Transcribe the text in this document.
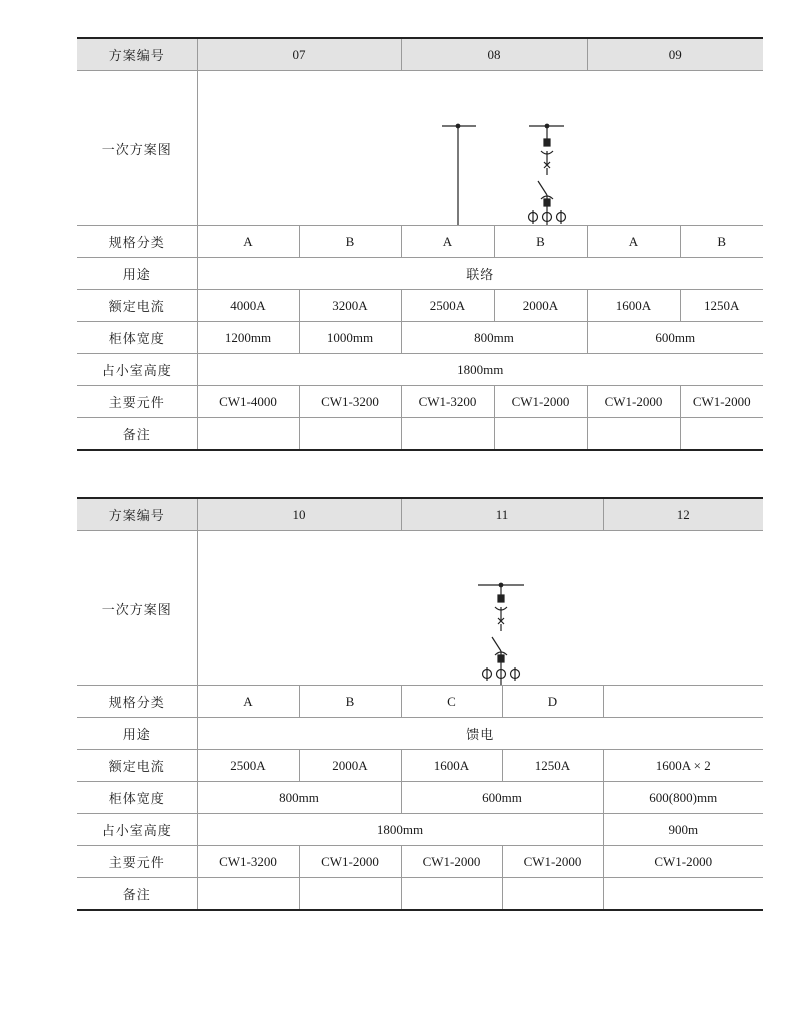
方案编号	07		08		09	
一次方案图	

规格分类	A	B	A	B	A	B
用途	联络					
额定电流	4000A	3200A	2500A	2000A	1600A	1250A
柜体宽度	1200mm	1000mm	800mm		600mm	
占小室高度	1800mm					
主要元件	CW1-4000	CW1-3200	CW1-3200	CW1-2000	CW1-2000	CW1-2000
备注						
方案编号	10		11		12
一次方案图	

规格分类	A	B	C	D	
用途	馈电				
额定电流	2500A	2000A	1600A	1250A	1600A × 2
柜体宽度	800mm		600mm		600(800)mm
占小室高度	1800mm				900m
主要元件	CW1-3200	CW1-2000	CW1-2000	CW1-2000	CW1-2000
备注					
